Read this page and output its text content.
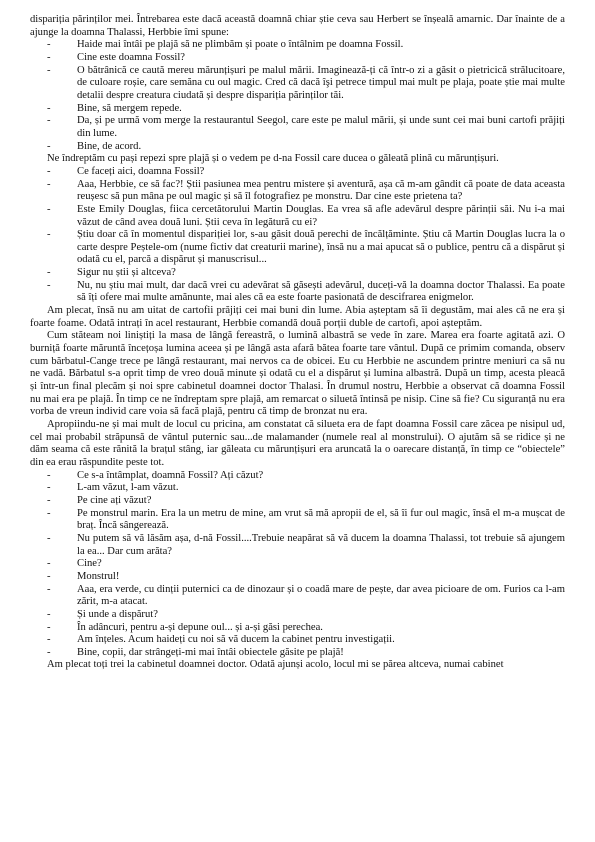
dispariția părinților mei. Întrebarea este dacă această doamnă chiar știe ceva sau Herbert se înșeală amarnic. Dar înainte de a ajunge la doamna Thalassi, Herbbie îmi spune:
- Haide mai întâi pe plajă să ne plimbăm și poate o întâlnim pe doamna Fossil.
- Cine este doamna Fossil?
- O bătrânică ce caută mereu mărunțișuri pe malul mării. Imaginează-ți că într-o zi a găsit o pietricică strălucitoare, de culoare roșie, care semăna cu oul magic. Cred că dacă îşi petrece timpul mai mult pe plaja, poate știe mai multe detalii despre creatura ciudată și despre dispariția părinților tăi.
- Bine, să mergem repede.
- Da, și pe urmă vom merge la restaurantul Seegol, care este pe malul mării, și unde sunt cei mai buni cartofi prăjiți din lume.
- Bine, de acord.
Ne îndreptăm cu pași repezi spre plajă și o vedem pe d-na Fossil care ducea o găleată plină cu mărunțișuri.
- Ce faceți aici, doamna Fossil?
- Aaa, Herbbie, ce să fac?! Știi pasiunea mea pentru mistere și aventură, așa că m-am gândit că poate de data aceasta reușesc să pun mâna pe oul magic și să îl fotografiez pe monstru. Dar cine este prietena ta?
- Este Emily Douglas, fiica cercetătorului Martin Douglas. Ea vrea să afle adevărul despre părinții săi. Nu i-a mai văzut de când avea două luni. Știi ceva în legătură cu ei?
- Știu doar că în momentul dispariției lor, s-au găsit două perechi de încălțăminte. Știu că Martin Douglas lucra la o carte despre Peștele-om (nume fictiv dat creaturii marine), însă nu a mai apucat să o publice, pentru că a dispărut și odată cu el, parcă a dispărut și manuscrisul...
- Sigur nu știi și altceva?
- Nu, nu știu mai mult, dar dacă vrei cu adevărat să găsești adevărul, duceți-vă la doamna doctor Thalassi. Ea poate să îți ofere mai multe amănunte, mai ales că ea este foarte pasionată de descifrarea enigmelor.
Am plecat, însă nu am uitat de cartofii prăjiți cei mai buni din lume. Abia așteptam să îi degustăm, mai ales că ne era și foarte foame. Odată intrați în acel restaurant, Herbbie comandă două porții duble de cartofi, apoi așteptăm.
Cum stăteam noi liniștiți la masa de lângă fereastră, o lumină albastră se vede în zare. Marea era foarte agitată azi. O burniță foarte măruntă încețoșa lumina aceea și pe lângă asta afară bătea foarte tare vântul. După ce primim comanda, observ cum bărbatul-Cange trece pe lângă restaurant, mai nervos ca de obicei. Eu cu Herbbie ne ascundem printre meniuri ca să nu ne vadă. Bărbatul s-a oprit timp de vreo două minute și odată cu el a dispărut și lumina albastră. După un timp, acesta pleacă și într-un final plecăm și noi spre cabinetul doamnei doctor Thalasi. În drumul nostru, Herbbie a observat că doamna Fossil nu mai era pe plajă. În timp ce ne îndreptam spre plajă, am remarcat o siluetă întinsă pe nisip. Cine să fie? Cu siguranță nu era vorba de vreun individ care voia să facă plajă, pentru că timp de bronzat nu era.
Apropiindu-ne și mai mult de locul cu pricina, am constatat că silueta era de fapt doamna Fossil care zăcea pe nisipul ud, cel mai probabil străpunsă de vântul puternic sau...de malamander (numele real al monstrului). O ajutăm să se ridice și ne dăm seama că este rănită la brațul stâng, iar găleata cu mărunțișuri era aruncată la o oarecare distanță, în timp ce “obiectele” din ea erau răspundite peste tot.
- Ce s-a întâmplat, doamnă Fossil? Ați căzut?
- L-am văzut, l-am văzut.
- Pe cine ați văzut?
- Pe monstrul marin. Era la un metru de mine, am vrut să mă apropii de el, să îi fur oul magic, însă el m-a mușcat de braț. Încă sângerează.
- Nu putem să vă lăsăm așa, d-nă Fossil....Trebuie neapărat să vă ducem la doamna Thalassi, tot trebuie să ajungem la ea... Dar cum arăta?
- Cine?
- Monstrul!
- Aaa, era verde, cu dinții puternici ca de dinozaur și o coadă mare de pește, dar avea picioare de om. Furios ca l-am zărit, m-a atacat.
- Și unde a dispărut?
- În adâncuri, pentru a-și depune oul... și a-și găsi perechea.
- Am înțeles. Acum haideți cu noi să vă ducem la cabinet pentru investigații.
- Bine, copii, dar strângeți-mi mai întâi obiectele găsite pe plajă!
Am plecat toți trei la cabinetul doamnei doctor. Odată ajunși acolo, locul mi se părea altceva, numai cabinet
